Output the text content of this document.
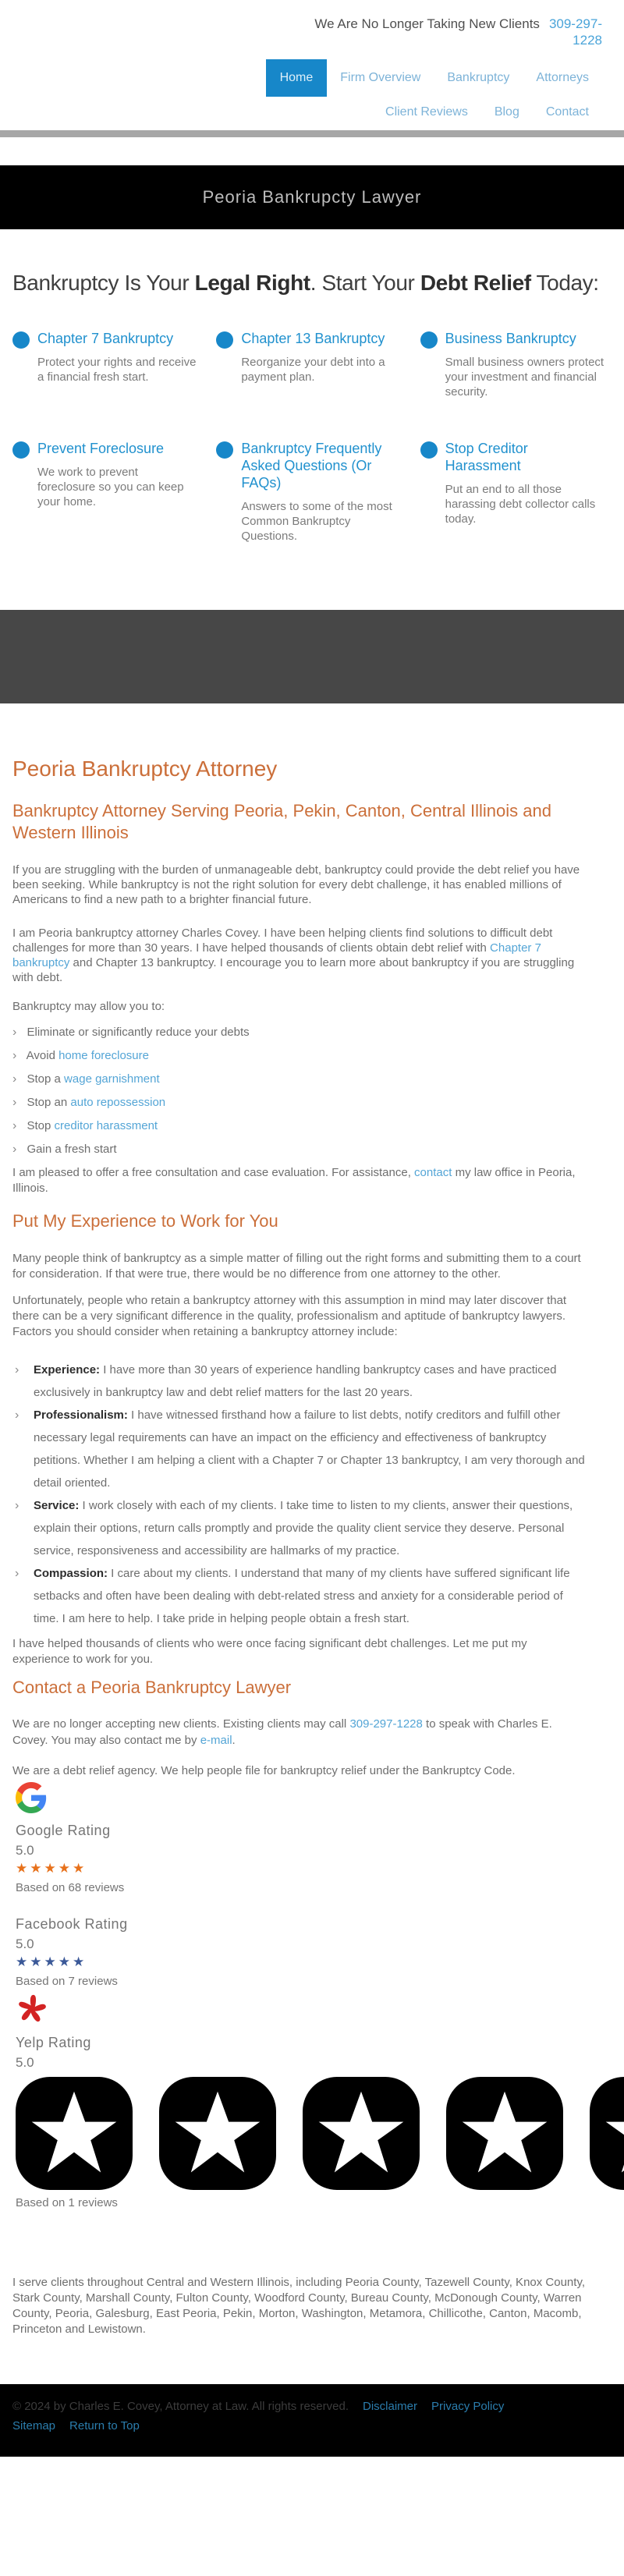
We Are No Longer Taking New Clients 309-297-1228
Home	Firm Overview	Bankruptcy	Attorneys
Client Reviews	Blog	Contact
Peoria Bankrupcty Lawyer
Bankruptcy Is Your Legal Right. Start Your Debt Relief Today:
Chapter 7 Bankruptcy

Protect your rights and receive a financial fresh start.

Chapter 13 Bankruptcy

Reorganize your debt into a payment plan.

Business Bankruptcy

Small business owners protect your investment and financial security.

Prevent Foreclosure

We work to prevent foreclosure so you can keep your home.

Bankruptcy Frequently Asked Questions (Or FAQs)

Answers to some of the most Common Bankruptcy Questions.

Stop Creditor Harassment

Put an end to all those harassing debt collector calls today.

Peoria Bankruptcy Attorney
Bankruptcy Attorney Serving Peoria, Pekin, Canton, Central Illinois and Western Illinois

If you are struggling with the burden of unmanageable debt, bankruptcy could provide the debt relief you have been seeking. While bankruptcy is not the right solution for every debt challenge, it has enabled millions of Americans to find a new path to a brighter financial future.

I am Peoria bankruptcy attorney Charles Covey. I have been helping clients find solutions to difficult debt challenges for more than 30 years. I have helped thousands of clients obtain debt relief with Chapter 7 bankruptcy and Chapter 13 bankruptcy. I encourage you to learn more about bankruptcy if you are struggling with debt.

Bankruptcy may allow you to:

› Eliminate or significantly reduce your debts
› Avoid home foreclosure
› Stop a wage garnishment
› Stop an auto repossession
› Stop creditor harassment
› Gain a fresh start

I am pleased to offer a free consultation and case evaluation. For assistance, contact my law office in Peoria, Illinois.

Put My Experience to Work for You

Many people think of bankruptcy as a simple matter of filling out the right forms and submitting them to a court for consideration. If that were true, there would be no difference from one attorney to the other.

Unfortunately, people who retain a bankruptcy attorney with this assumption in mind may later discover that there can be a very significant difference in the quality, professionalism and aptitude of bankruptcy lawyers. Factors you should consider when retaining a bankruptcy attorney include:

› Experience: I have more than 30 years of experience handling bankruptcy cases and have practiced exclusively in bankruptcy law and debt relief matters for the last 20 years.
› Professionalism: I have witnessed firsthand how a failure to list debts, notify creditors and fulfill other necessary legal requirements can have an impact on the efficiency and effectiveness of bankruptcy petitions. Whether I am helping a client with a Chapter 7 or Chapter 13 bankruptcy, I am very thorough and detail oriented.
› Service: I work closely with each of my clients. I take time to listen to my clients, answer their questions, explain their options, return calls promptly and provide the quality client service they deserve. Personal service, responsiveness and accessibility are hallmarks of my practice.
› Compassion: I care about my clients. I understand that many of my clients have suffered significant life setbacks and often have been dealing with debt-related stress and anxiety for a considerable period of time. I am here to help. I take pride in helping people obtain a fresh start.

I have helped thousands of clients who were once facing significant debt challenges. Let me put my experience to work for you.

Contact a Peoria Bankruptcy Lawyer

We are no longer accepting new clients. Existing clients may call 309-297-1228 to speak with Charles E. Covey. You may also contact me by e-mail.

We are a debt relief agency. We help people file for bankruptcy relief under the Bankruptcy Code.

Google Rating
5.0
★★★★★
Based on 68 reviews
Facebook Rating
5.0
★★★★★
Based on 7 reviews
Yelp Rating
5.0
Based on 1 reviews

I serve clients throughout Central and Western Illinois, including Peoria County, Tazewell County, Knox County, Stark County, Marshall County, Fulton County, Woodford County, Bureau County, McDonough County, Warren County, Peoria, Galesburg, East Peoria, Pekin, Morton, Washington, Metamora, Chillicothe, Canton, Macomb, Princeton and Lewistown.

© 2024 by Charles E. Covey, Attorney at Law. All rights reserved. Disclaimer Privacy Policy
Sitemap Return to Top
